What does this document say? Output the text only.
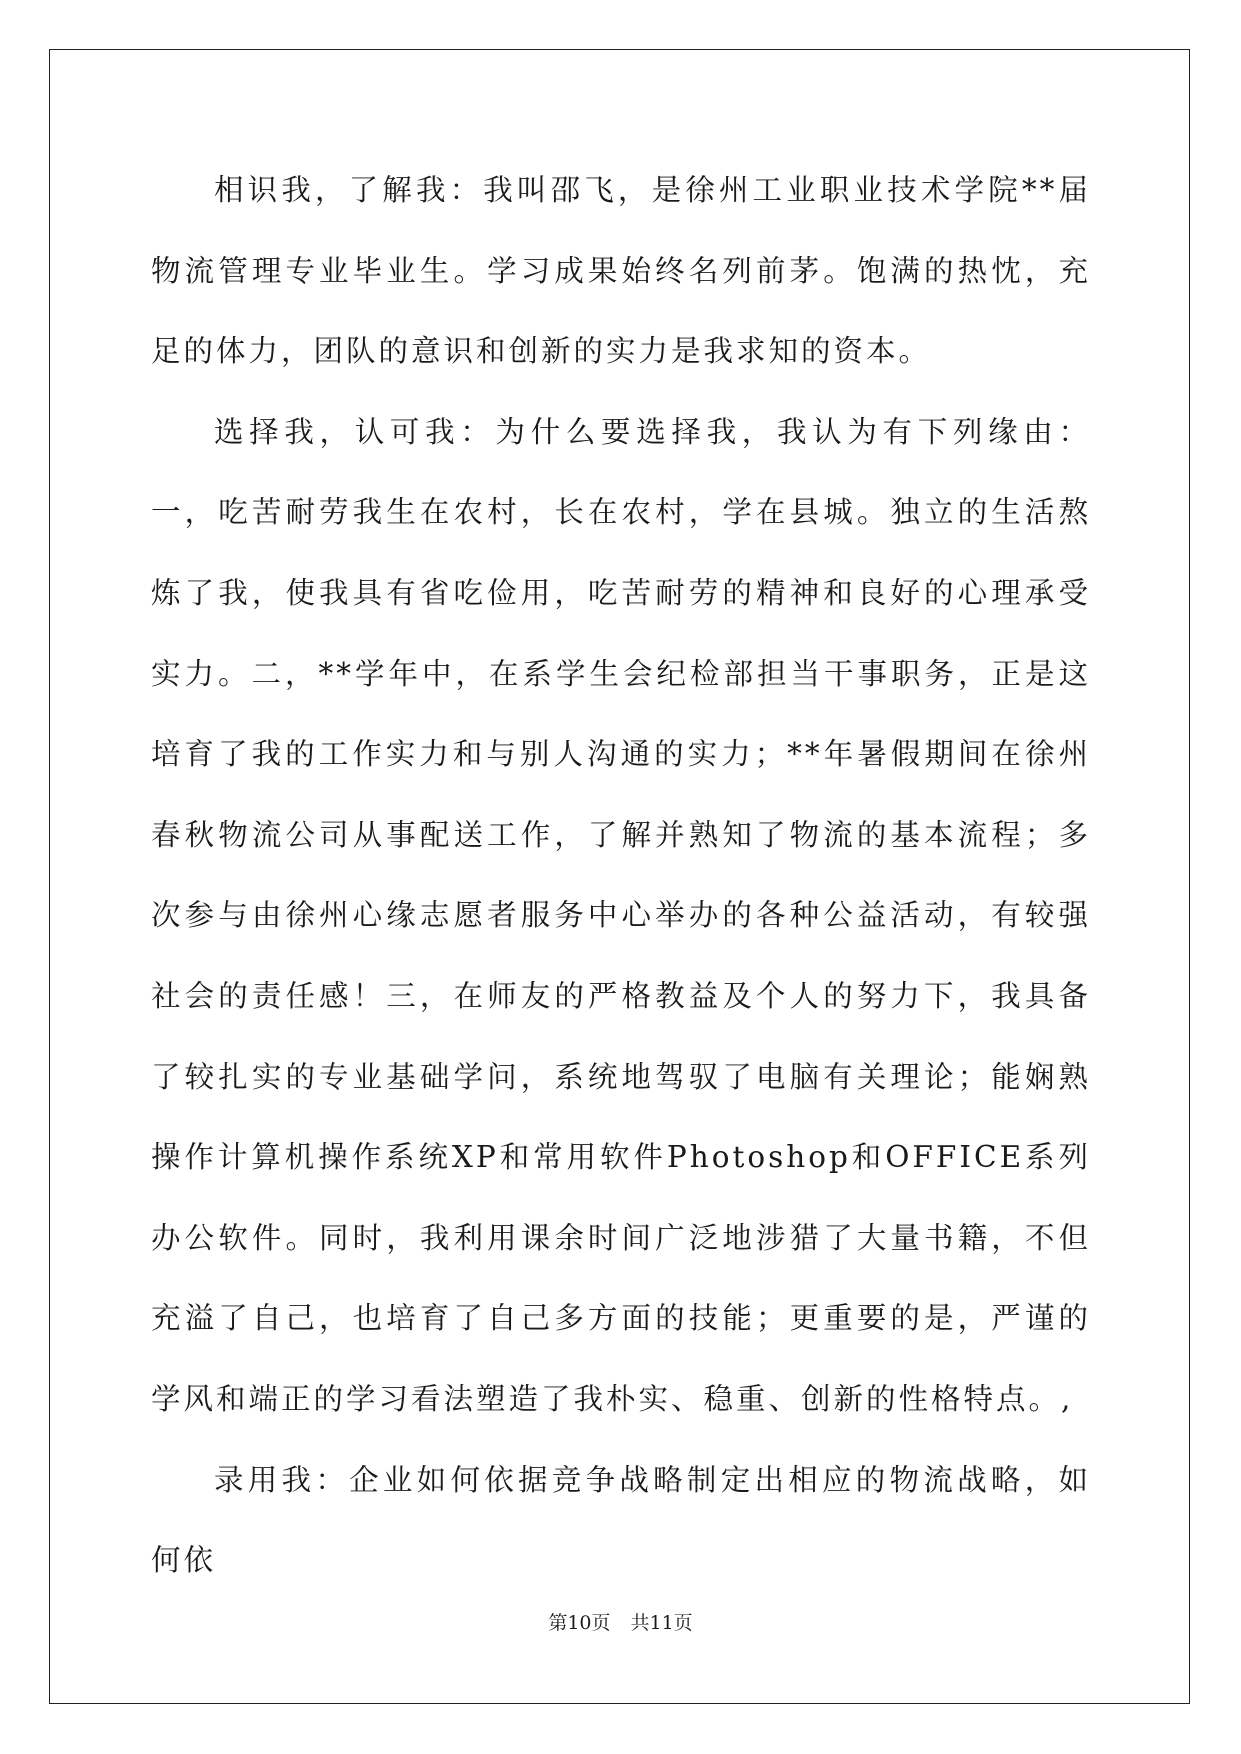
相识我，了解我：我叫邵飞，是徐州工业职业技术学院**届物流管理专业毕业生。学习成果始终名列前茅。饱满的热忱，充足的体力，团队的意识和创新的实力是我求知的资本。

选择我，认可我：为什么要选择我，我认为有下列缘由：一，吃苦耐劳我生在农村，长在农村，学在县城。独立的生活熬炼了我，使我具有省吃俭用，吃苦耐劳的精神和良好的心理承受实力。二，**学年中，在系学生会纪检部担当干事职务，正是这培育了我的工作实力和与别人沟通的实力；**年暑假期间在徐州春秋物流公司从事配送工作，了解并熟知了物流的基本流程；多次参与由徐州心缘志愿者服务中心举办的各种公益活动，有较强社会的责任感！三，在师友的严格教益及个人的努力下，我具备了较扎实的专业基础学问，系统地驾驭了电脑有关理论；能娴熟操作计算机操作系统XP和常用软件Photoshop和OFFICE系列办公软件。同时，我利用课余时间广泛地涉猎了大量书籍，不但充溢了自己，也培育了自己多方面的技能；更重要的是，严谨的学风和端正的学习看法塑造了我朴实、稳重、创新的性格特点。,

录用我：企业如何依据竞争战略制定出相应的物流战略，如何依

第10页 共11页
